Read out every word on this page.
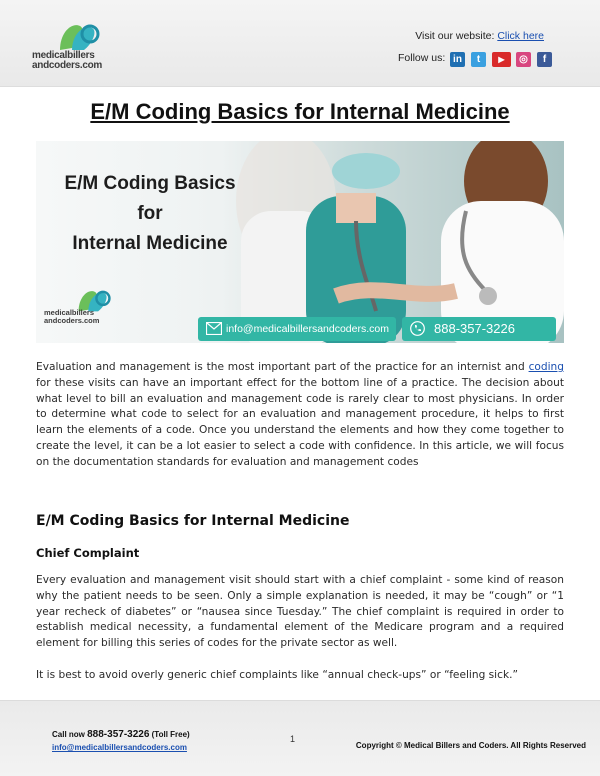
medicalbillers
andcoders.com
Visit our website: Click here
Follow us: in	t	▶	◎	f
E/M Coding Basics for Internal Medicine
E/M Coding Basics
for
Internal Medicine
medicalbillers
andcoders.com
info@medicalbillersandcoders.com	888-357-3226
Evaluation and management is the most important part of the practice for an internist and coding for these visits can have an important effect for the bottom line of a practice. The decision about what level to bill an evaluation and management code is rarely clear to most physicians. In order to determine what code to select for an evaluation and management procedure, it helps to first learn the elements of a code. Once you understand the elements and how they come together to create the level, it can be a lot easier to select a code with confidence. In this article, we will focus on the documentation standards for evaluation and management codes
E/M Coding Basics for Internal Medicine
Chief Complaint
Every evaluation and management visit should start with a chief complaint - some kind of reason why the patient needs to be seen. Only a simple explanation is needed, it may be “cough” or “1 year recheck of diabetes” or “nausea since Tuesday.” The chief complaint is required in order to establish medical necessity, a fundamental element of the Medicare program and a required element for billing this series of codes for the private sector as well.
It is best to avoid overly generic chief complaints like “annual check-ups” or “feeling sick.”
Call now 888-357-3226 (Toll Free)
info@medicalbillersandcoders.com
1
Copyright © Medical Billers and Coders. All Rights Reserved
